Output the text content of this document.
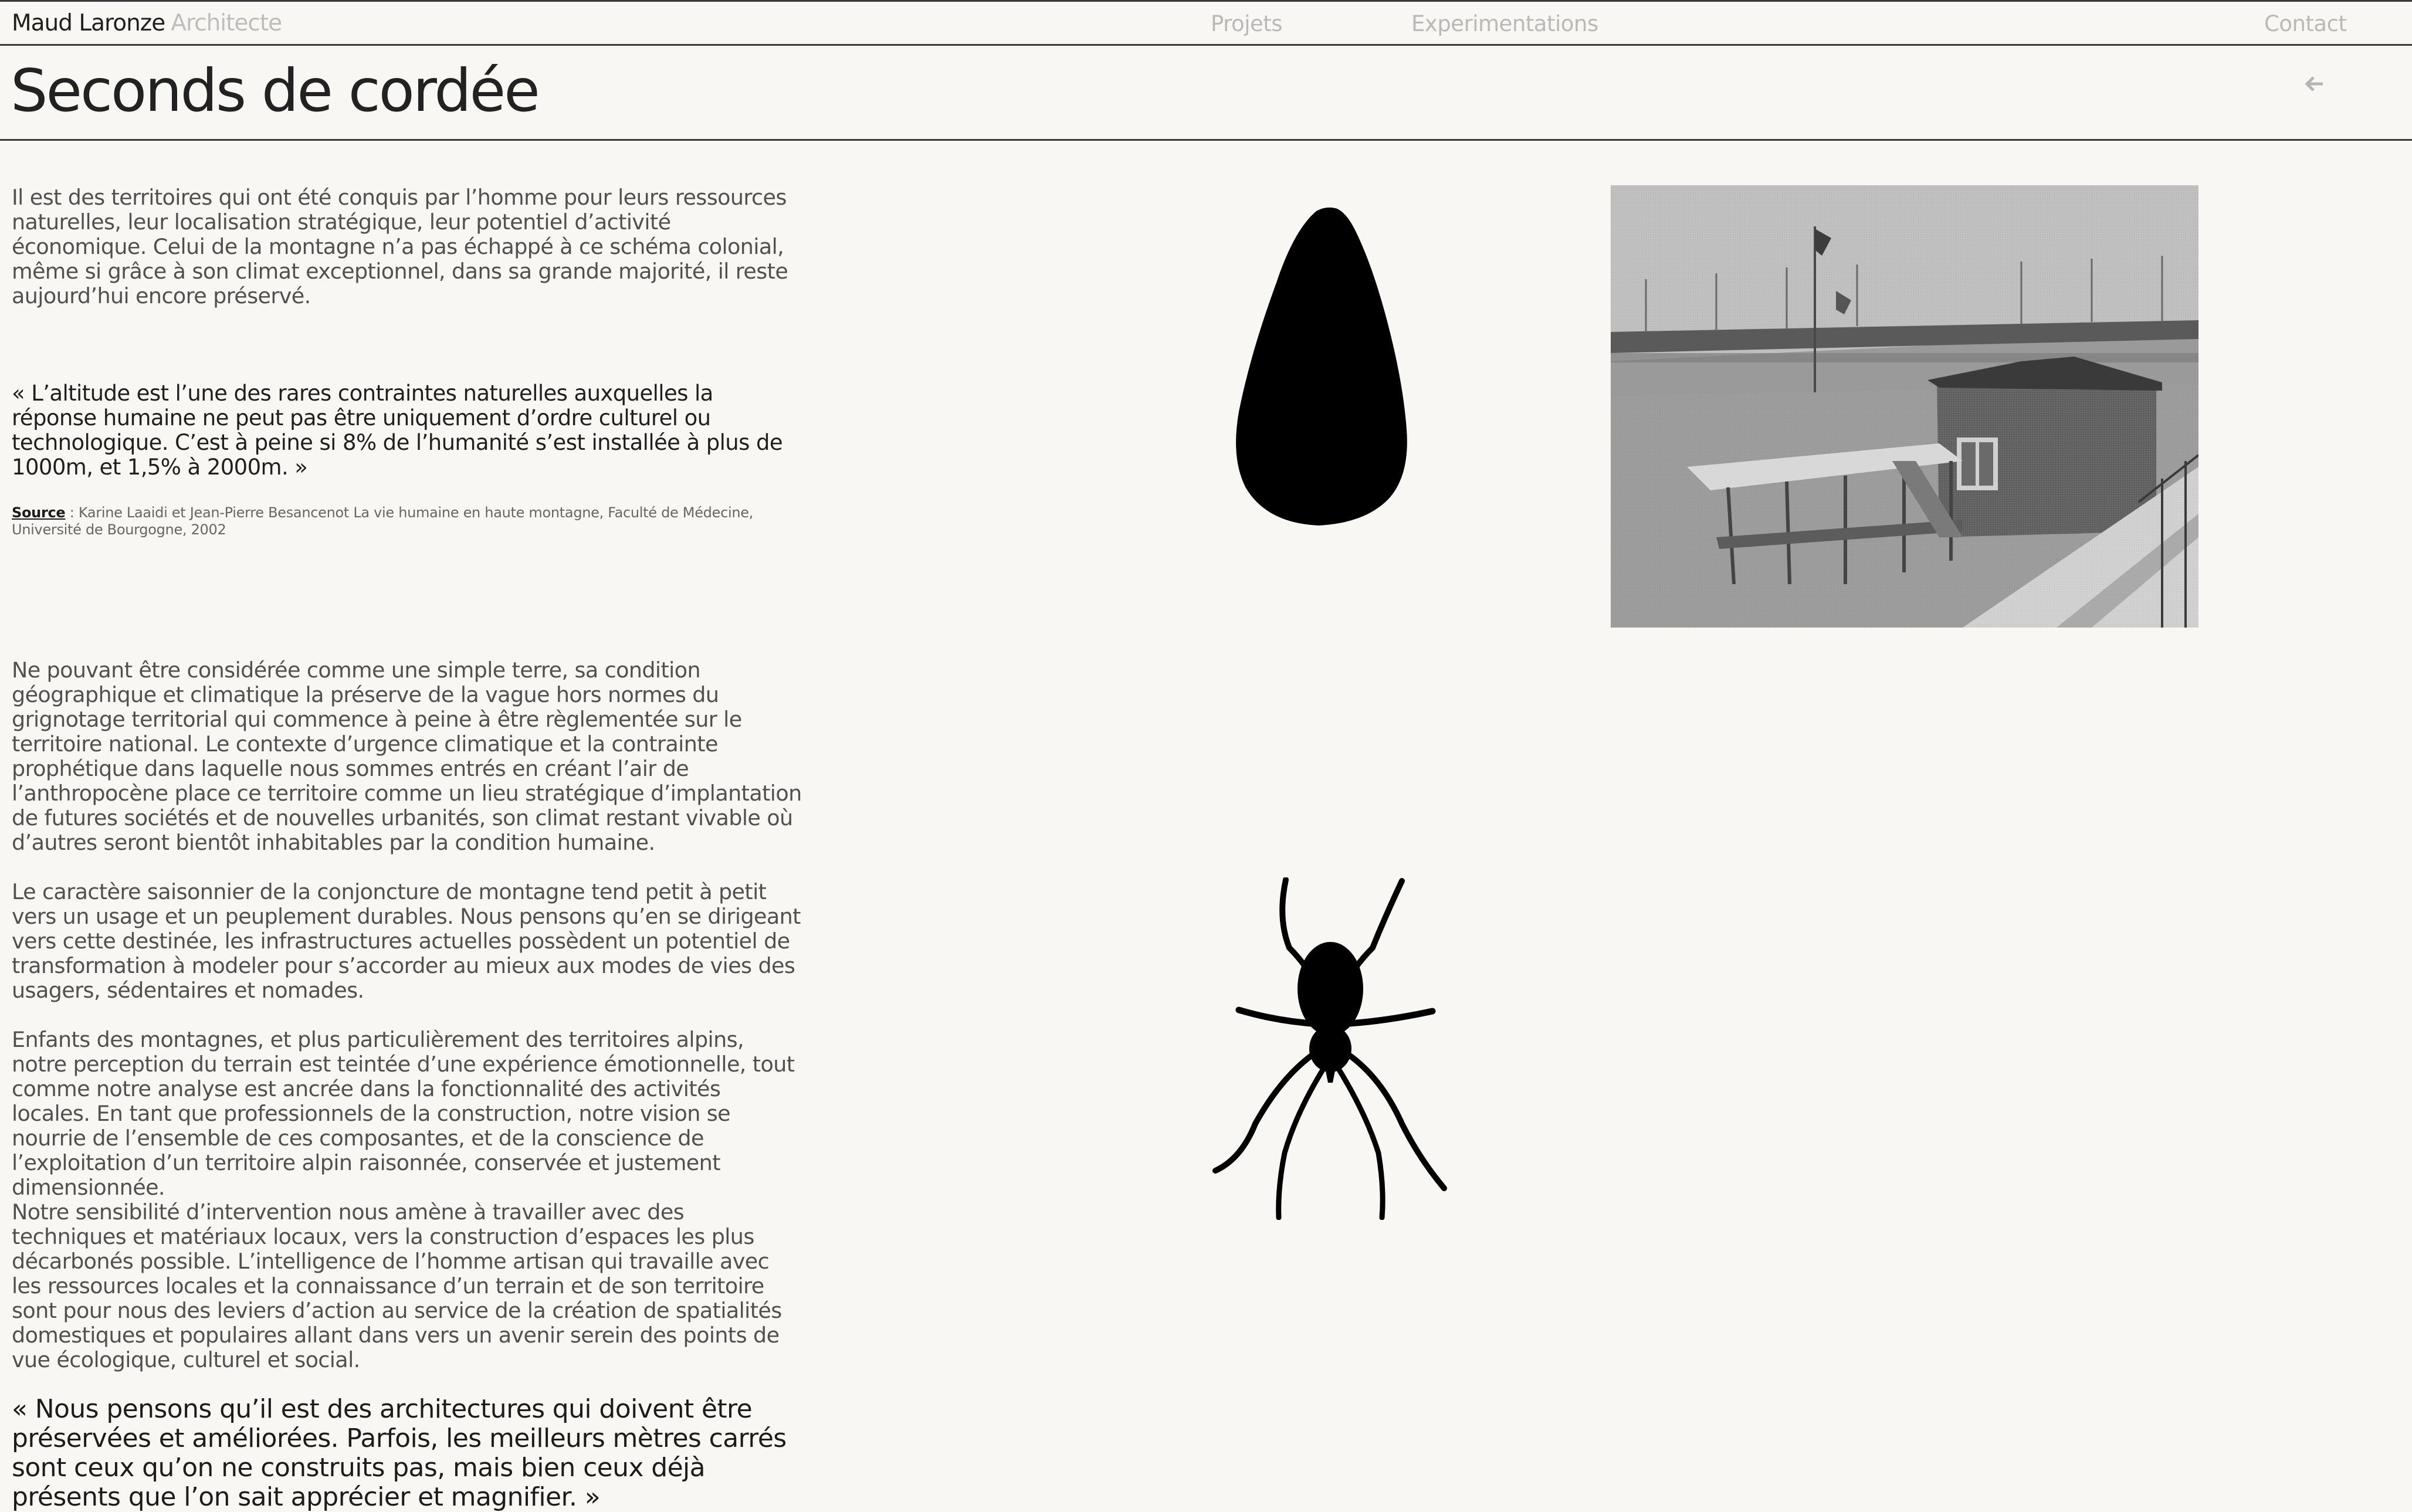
Maud Laronze Architecte	Projets	Experimentations	Contact
Seconds de cordée

Il est des territoires qui ont été conquis par l’homme pour leurs ressources naturelles, leur localisation stratégique, leur potentiel d’activité économique. Celui de la montagne n’a pas échappé à ce schéma colonial, même si grâce à son climat exceptionnel, dans sa grande majorité, il reste aujourd’hui encore préservé.

« L’altitude est l’une des rares contraintes naturelles auxquelles la réponse humaine ne peut pas être uniquement d’ordre culturel ou technologique. C’est à peine si 8% de l’humanité s’est installée à plus de 1000m, et 1,5% à 2000m. »

Source : Karine Laaidi et Jean-Pierre Besancenot La vie humaine en haute montagne, Faculté de Médecine, Université de Bourgogne, 2002

Ne pouvant être considérée comme une simple terre, sa condition géographique et climatique la préserve de la vague hors normes du grignotage territorial qui commence à peine à être règlementée sur le territoire national. Le contexte d’urgence climatique et la contrainte prophétique dans laquelle nous sommes entrés en créant l’air de l’anthropocène place ce territoire comme un lieu stratégique d’implantation de futures sociétés et de nouvelles urbanités, son climat restant vivable où d’autres seront bientôt inhabitables par la condition humaine.

Le caractère saisonnier de la conjoncture de montagne tend petit à petit vers un usage et un peuplement durables. Nous pensons qu’en se dirigeant vers cette destinée, les infrastructures actuelles possèdent un potentiel de transformation à modeler pour s’accorder au mieux aux modes de vies des usagers, sédentaires et nomades.

Enfants des montagnes, et plus particulièrement des territoires alpins, notre perception du terrain est teintée d’une expérience émotionnelle, tout comme notre analyse est ancrée dans la fonctionnalité des activités locales. En tant que professionnels de la construction, notre vision se nourrie de l’ensemble de ces composantes, et de la conscience de l’exploitation d’un territoire alpin raisonnée, conservée et justement dimensionnée.

Notre sensibilité d’intervention nous amène à travailler avec des techniques et matériaux locaux, vers la construction d’espaces les plus décarbonés possible. L’intelligence de l’homme artisan qui travaille avec les ressources locales et la connaissance d’un terrain et de son territoire sont pour nous des leviers d’action au service de la création de spatialités domestiques et populaires allant dans vers un avenir serein des points de vue écologique, culturel et social.

« Nous pensons qu’il est des architectures qui doivent être préservées et améliorées. Parfois, les meilleurs mètres carrés sont ceux qu’on ne construits pas, mais bien ceux déjà présents que l’on sait apprécier et magnifier. »
